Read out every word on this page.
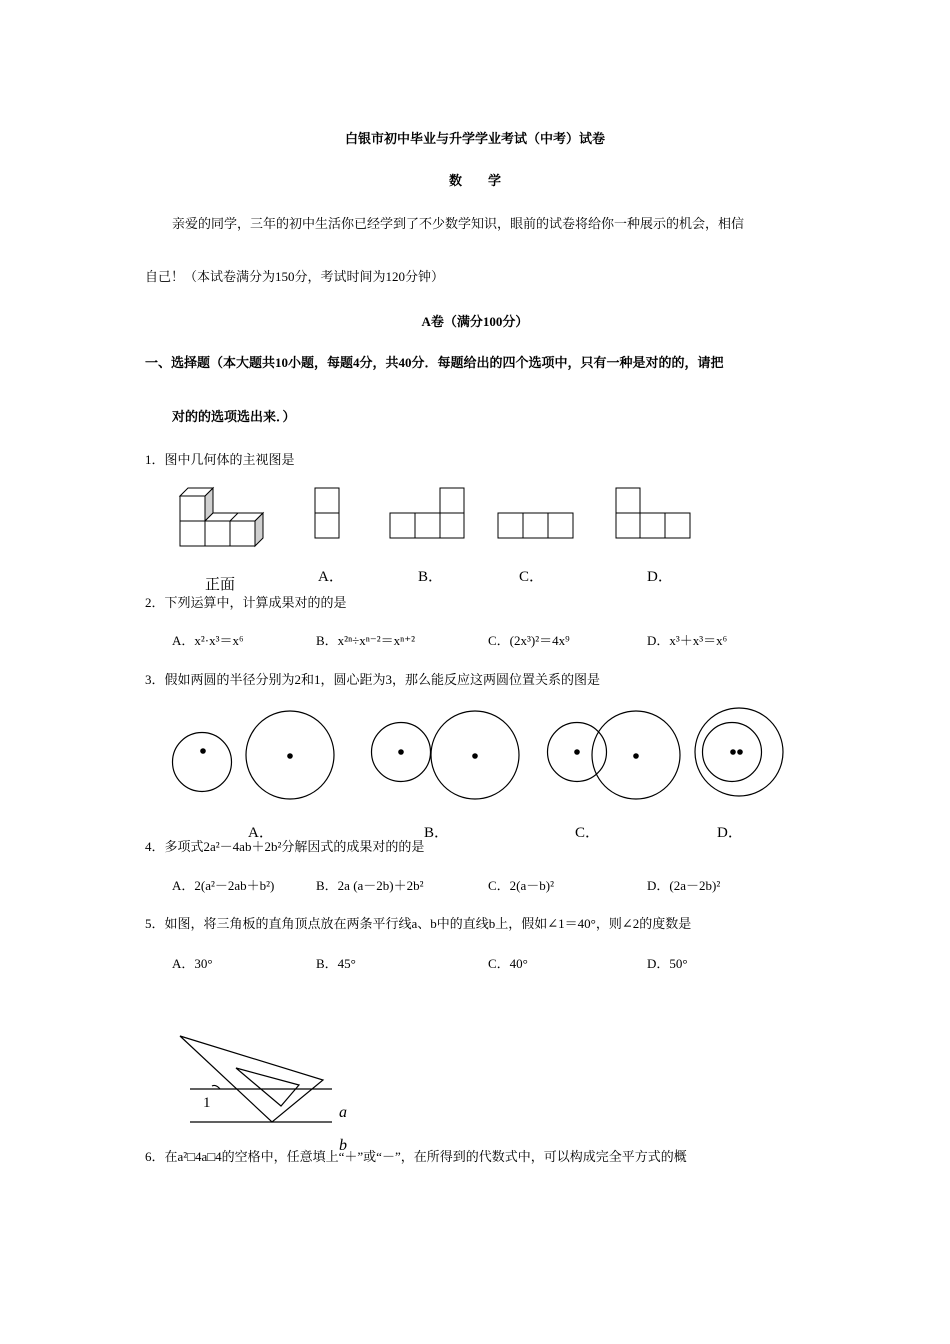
白银市初中毕业与升学学业考试（中考）试卷
数　　学
亲爱的同学，三年的初中生活你已经学到了不少数学知识，眼前的试卷将给你一种展示的机会，相信
自己！（本试卷满分为150分，考试时间为120分钟）
A卷（满分100分）
一、选择题（本大题共10小题，每题4分，共40分．每题给出的四个选项中，只有一种是对的的，请把
对的的选项选出来．）
1．图中几何体的主视图是
正面	A．	B．	C．	D．
2．下列运算中，计算成果对的的是
A．x²·x³＝x⁶	B．x²ⁿ÷xⁿ⁻²＝xⁿ⁺²	C．(2x³)²＝4x⁹	D．x³＋x³＝x⁶
3．假如两圆的半径分别为2和1，圆心距为3，那么能反应这两圆位置关系的图是
A．	B．	C．	D．
4．多项式2a²－4ab＋2b²分解因式的成果对的的是
A．2(a²－2ab＋b²)	B．2a (a－2b)＋2b²	C．2(a－b)²	D．(2a－2b)²
5．如图，将三角板的直角顶点放在两条平行线a、b中的直线b上，假如∠1＝40°，则∠2的度数是
A．30°	B．45°	C．40°	D．50°
1
a
b
6．在a²□4a□4的空格中，任意填上“＋”或“－”，在所得到的代数式中，可以构成完全平方式的概
